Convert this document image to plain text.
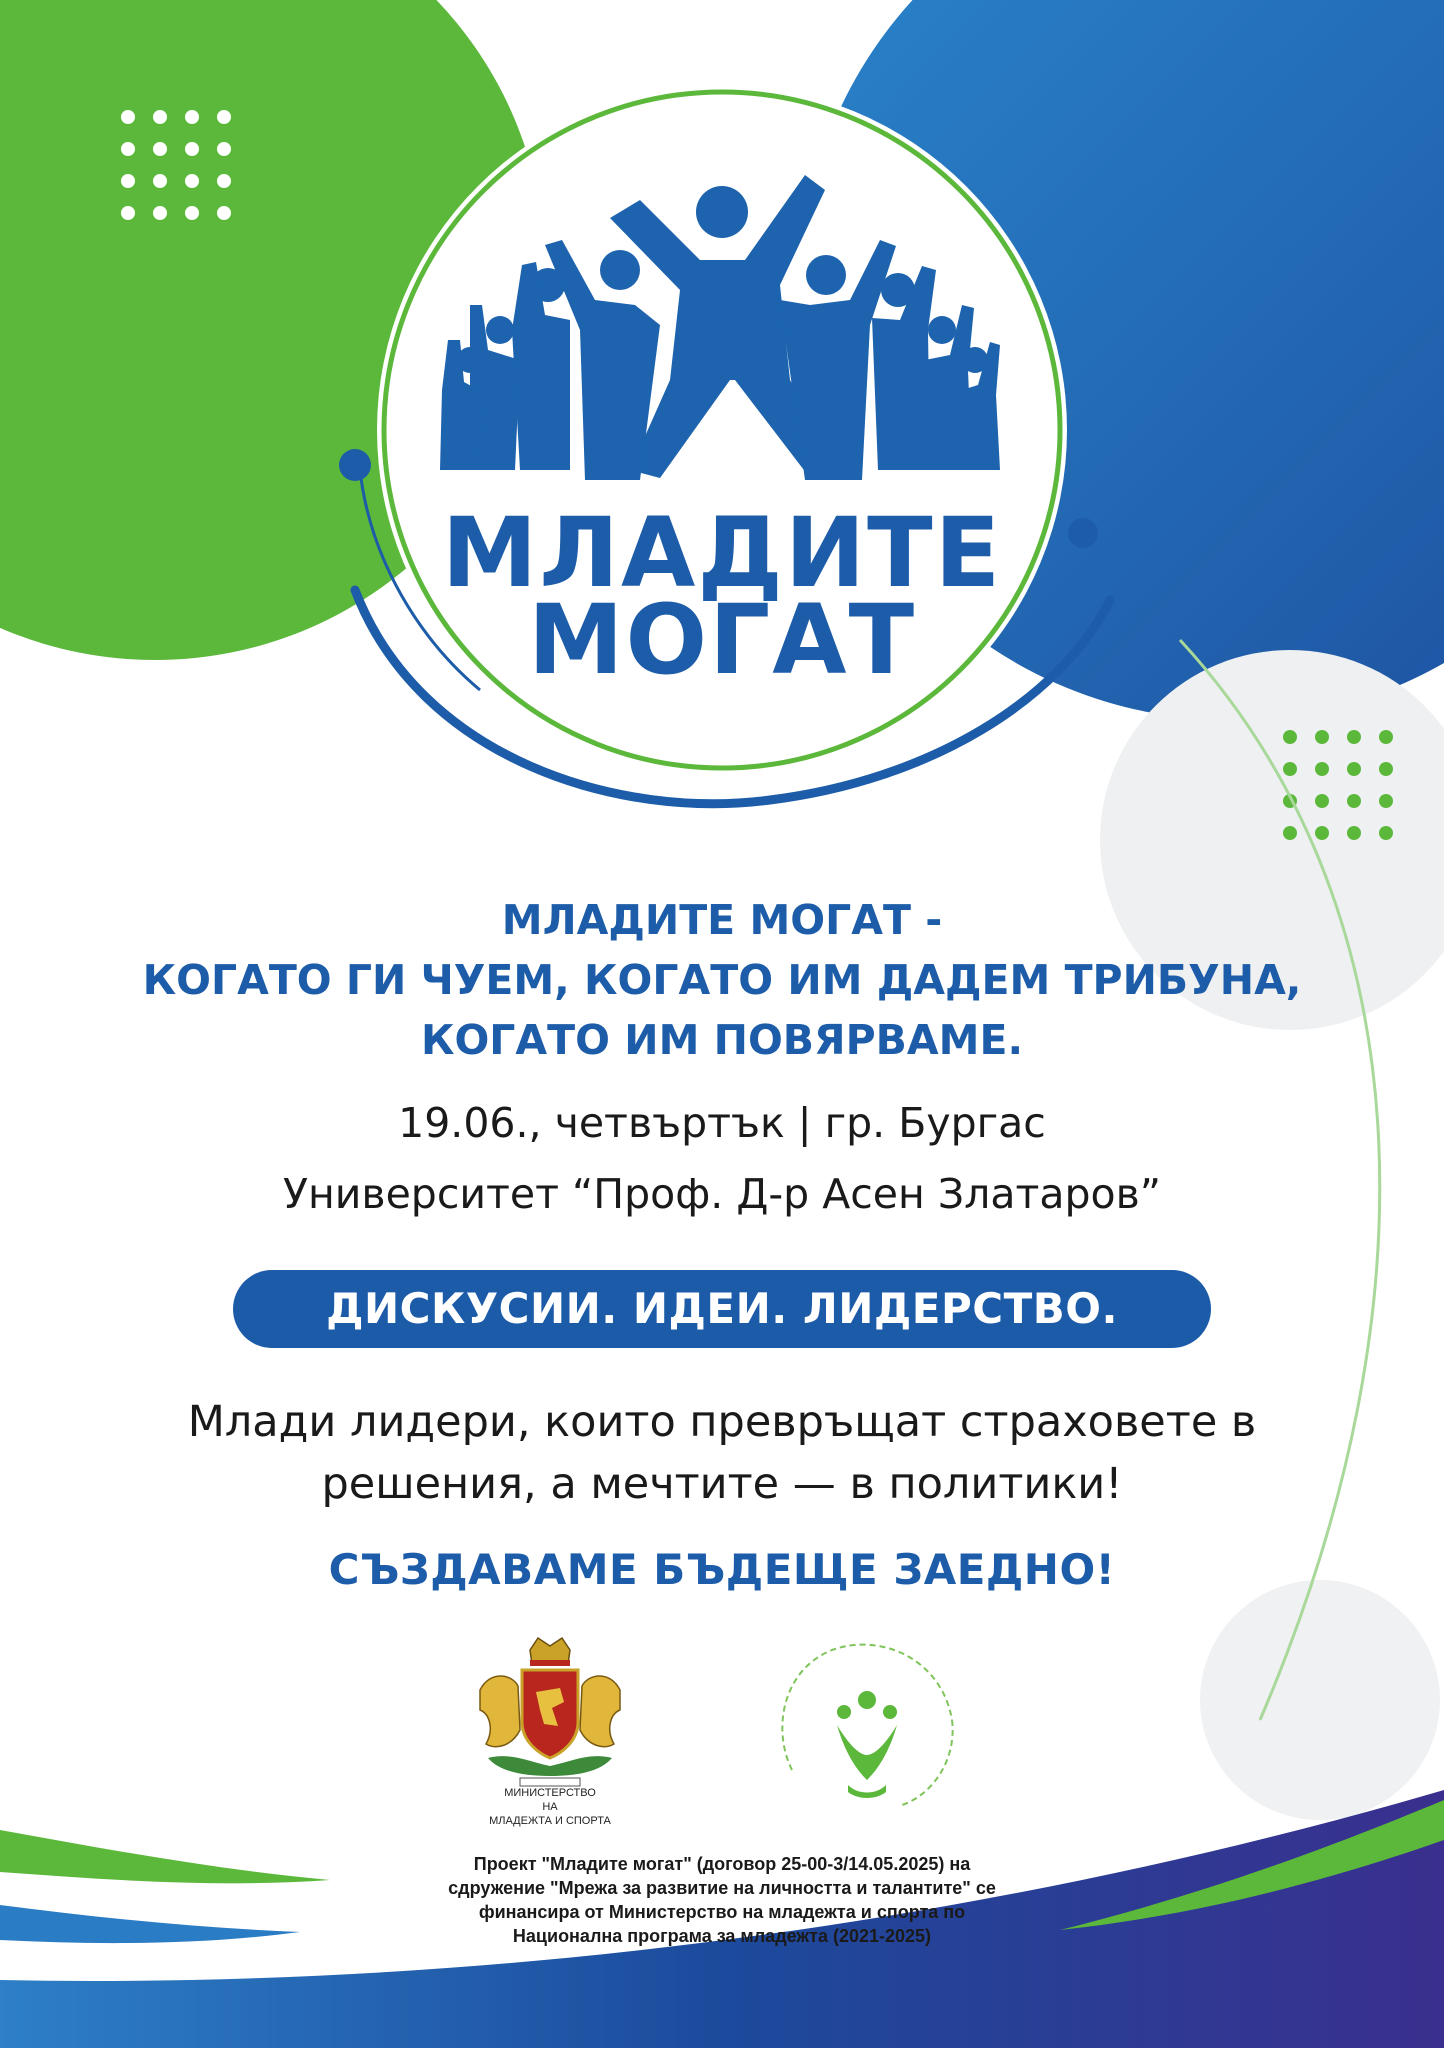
МЛАДИТЕ
МОГАТ
МЛАДИТЕ МОГАТ -
КОГАТО ГИ ЧУЕМ, КОГАТО ИМ ДАДЕМ ТРИБУНА,
КОГАТО ИМ ПОВЯРВАМЕ.
19.06., четвъртък | гр. Бургас
Университет “Проф. Д-р Асен Златаров”
ДИСКУСИИ. ИДЕИ. ЛИДЕРСТВО.
Млади лидери, които превръщат страховете в
решения, а мечтите — в политики!
СЪЗДАВАМЕ БЪДЕЩЕ ЗАЕДНО!
МИНИСТЕРСТВО
НА
МЛАДЕЖТА И СПОРТА
Проект "Младите могат" (договор 25-00-3/14.05.2025) на
сдружение "Мрежа за развитие на личността и талантите" се
финансира от Министерство на младежта и спорта по
Национална програма за младежта (2021-2025)
